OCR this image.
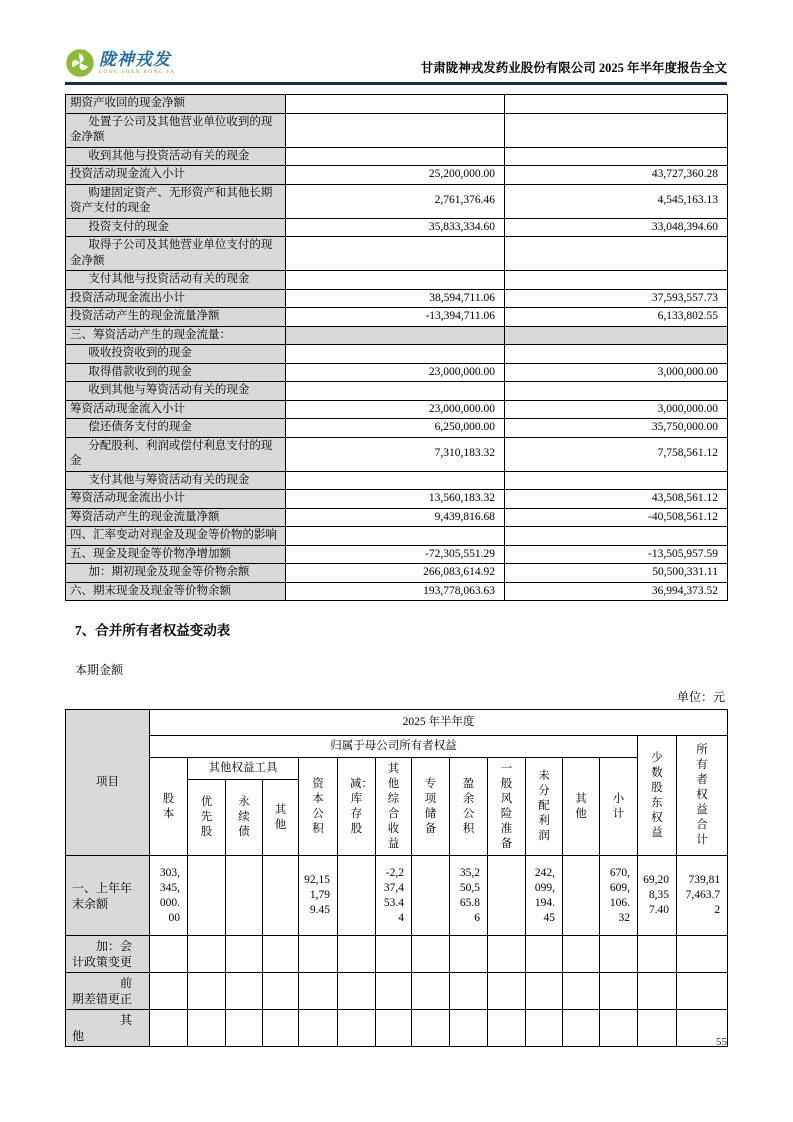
陇神戎发
LONG SHEN RONG FA	甘肃陇神戎发药业股份有限公司 2025 年半年度报告全文
期资产收回的现金净额		
处置子公司及其他营业单位收到的现金净额		
收到其他与投资活动有关的现金		
投资活动现金流入小计	25,200,000.00	43,727,360.28
购建固定资产、无形资产和其他长期资产支付的现金	2,761,376.46	4,545,163.13
投资支付的现金	35,833,334.60	33,048,394.60
取得子公司及其他营业单位支付的现金净额		
支付其他与投资活动有关的现金		
投资活动现金流出小计	38,594,711.06	37,593,557.73
投资活动产生的现金流量净额	-13,394,711.06	6,133,802.55
三、筹资活动产生的现金流量：		
吸收投资收到的现金		
取得借款收到的现金	23,000,000.00	3,000,000.00
收到其他与筹资活动有关的现金		
筹资活动现金流入小计	23,000,000.00	3,000,000.00
偿还债务支付的现金	6,250,000.00	35,750,000.00
分配股利、利润或偿付利息支付的现金	7,310,183.32	7,758,561.12
支付其他与筹资活动有关的现金		
筹资活动现金流出小计	13,560,183.32	43,508,561.12
筹资活动产生的现金流量净额	9,439,816.68	-40,508,561.12
四、汇率变动对现金及现金等价物的影响		
五、现金及现金等价物净增加额	-72,305,551.29	-13,505,957.59
加：期初现金及现金等价物余额	266,083,614.92	50,500,331.11
六、期末现金及现金等价物余额	193,778,063.63	36,994,373.52
7、合并所有者权益变动表
本期金额
单位：元
项目	2025 年半年度														
	归属于母公司所有者权益													少数股东权益	所有者权益合计
	股本	其他权益工具			资本公积	减：库存股	其他综合收益	专项储备	盈余公积	一般风险准备	未分配利润	其他	小计		
		优先股	永续债	其他											
一、上年年末余额	303,345,000.00				92,151,799.45		-2,237,453.44		35,250,565.86		242,099,194.45		670,609,106.32	69,208,357.40	739,817,463.72
加：会计政策变更															
前期差错更正															
其他																55
